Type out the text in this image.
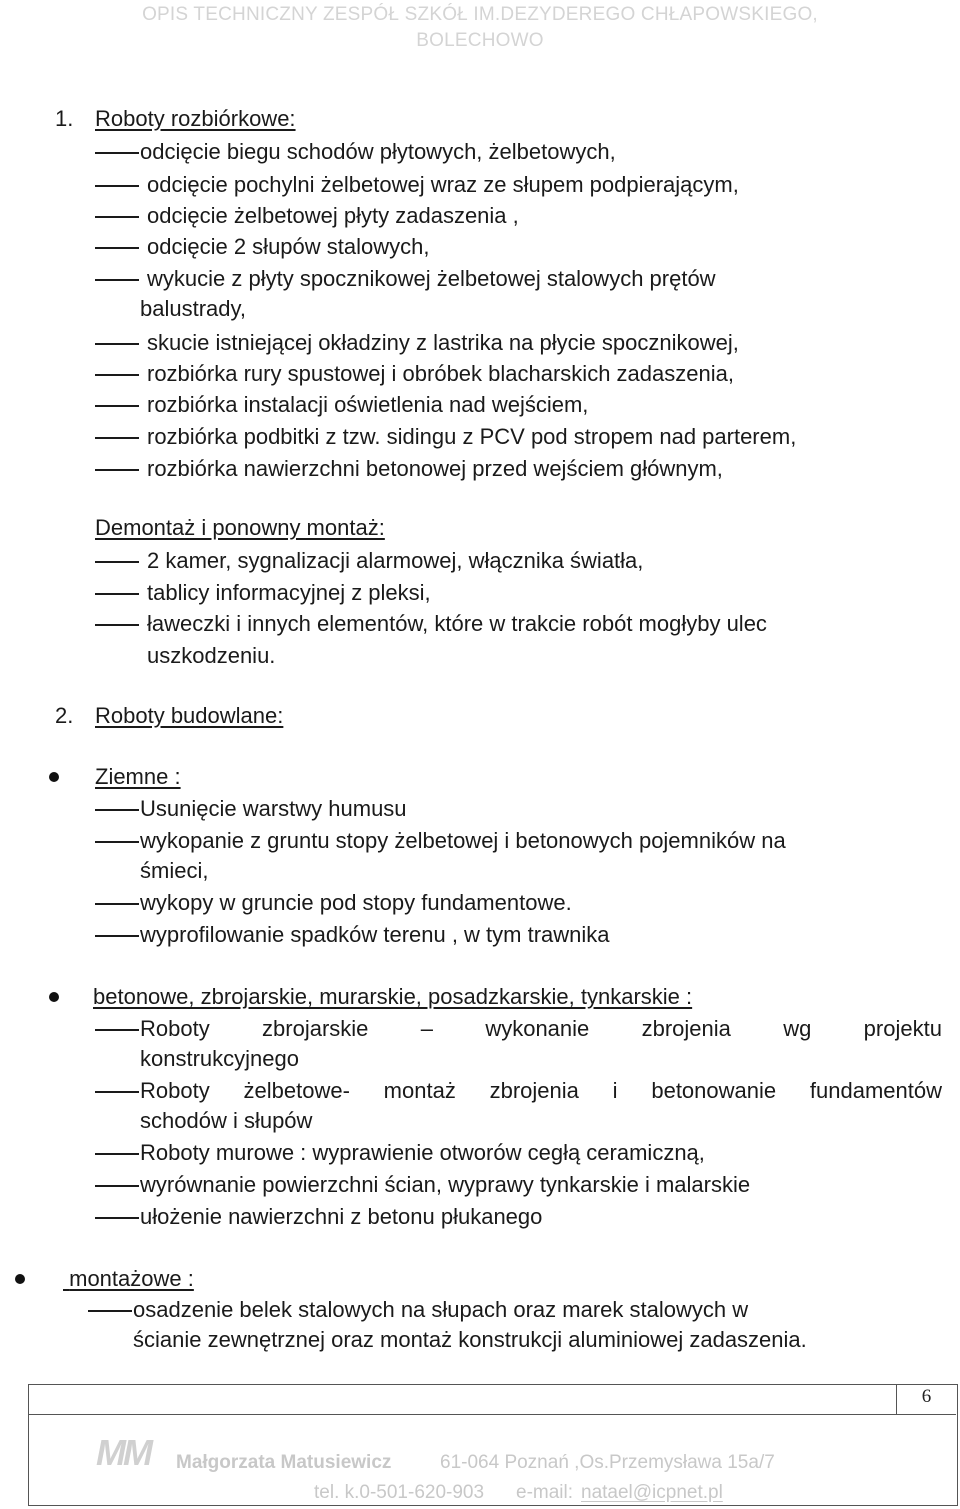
OPIS TECHNICZNY ZESPÓŁ SZKÓŁ IM.DEZYDEREGO CHŁAPOWSKIEGO,
BOLECHOWO
1. Roboty rozbiórkowe:
odcięcie biegu schodów płytowych, żelbetowych,
odcięcie pochylni żelbetowej wraz ze słupem podpierającym,
odcięcie żelbetowej płyty zadaszenia ,
odcięcie 2 słupów stalowych,
wykucie z płyty spocznikowej żelbetowej stalowych prętów
balustrady,
skucie istniejącej okładziny z lastrika na płycie spocznikowej,
rozbiórka rury spustowej i obróbek blacharskich zadaszenia,
rozbiórka instalacji oświetlenia nad wejściem,
rozbiórka podbitki z tzw. sidingu z PCV pod stropem nad parterem,
rozbiórka nawierzchni betonowej przed wejściem głównym,
Demontaż i ponowny montaż:
2 kamer, sygnalizacji alarmowej, włącznika światła,
tablicy informacyjnej z pleksi,
ławeczki i innych elementów, które w trakcie robót mogłyby ulec
uszkodzeniu.
2. Roboty budowlane:
Ziemne :
Usunięcie warstwy humusu
wykopanie z gruntu stopy żelbetowej i betonowych pojemników na
śmieci,
wykopy w gruncie pod stopy fundamentowe.
wyprofilowanie spadków terenu , w tym trawnika
betonowe, zbrojarskie, murarskie, posadzkarskie, tynkarskie :
Roboty zbrojarskie – wykonanie zbrojenia wg projektu
konstrukcyjnego
Roboty żelbetowe- montaż zbrojenia i betonowanie fundamentów
schodów i słupów
Roboty murowe : wyprawienie otworów cegłą ceramiczną,
wyrównanie powierzchni ścian, wyprawy tynkarskie i malarskie
ułożenie nawierzchni z betonu płukanego
montażowe :
osadzenie belek stalowych na słupach oraz marek stalowych w
ścianie zewnętrznej oraz montaż konstrukcji aluminiowej zadaszenia.
6
MM Małgorzata Matusiewicz	61-064 Poznań ,Os.Przemysława 15a/7
tel. k.0-501-620-903 e-mail: natael@icpnet.pl
